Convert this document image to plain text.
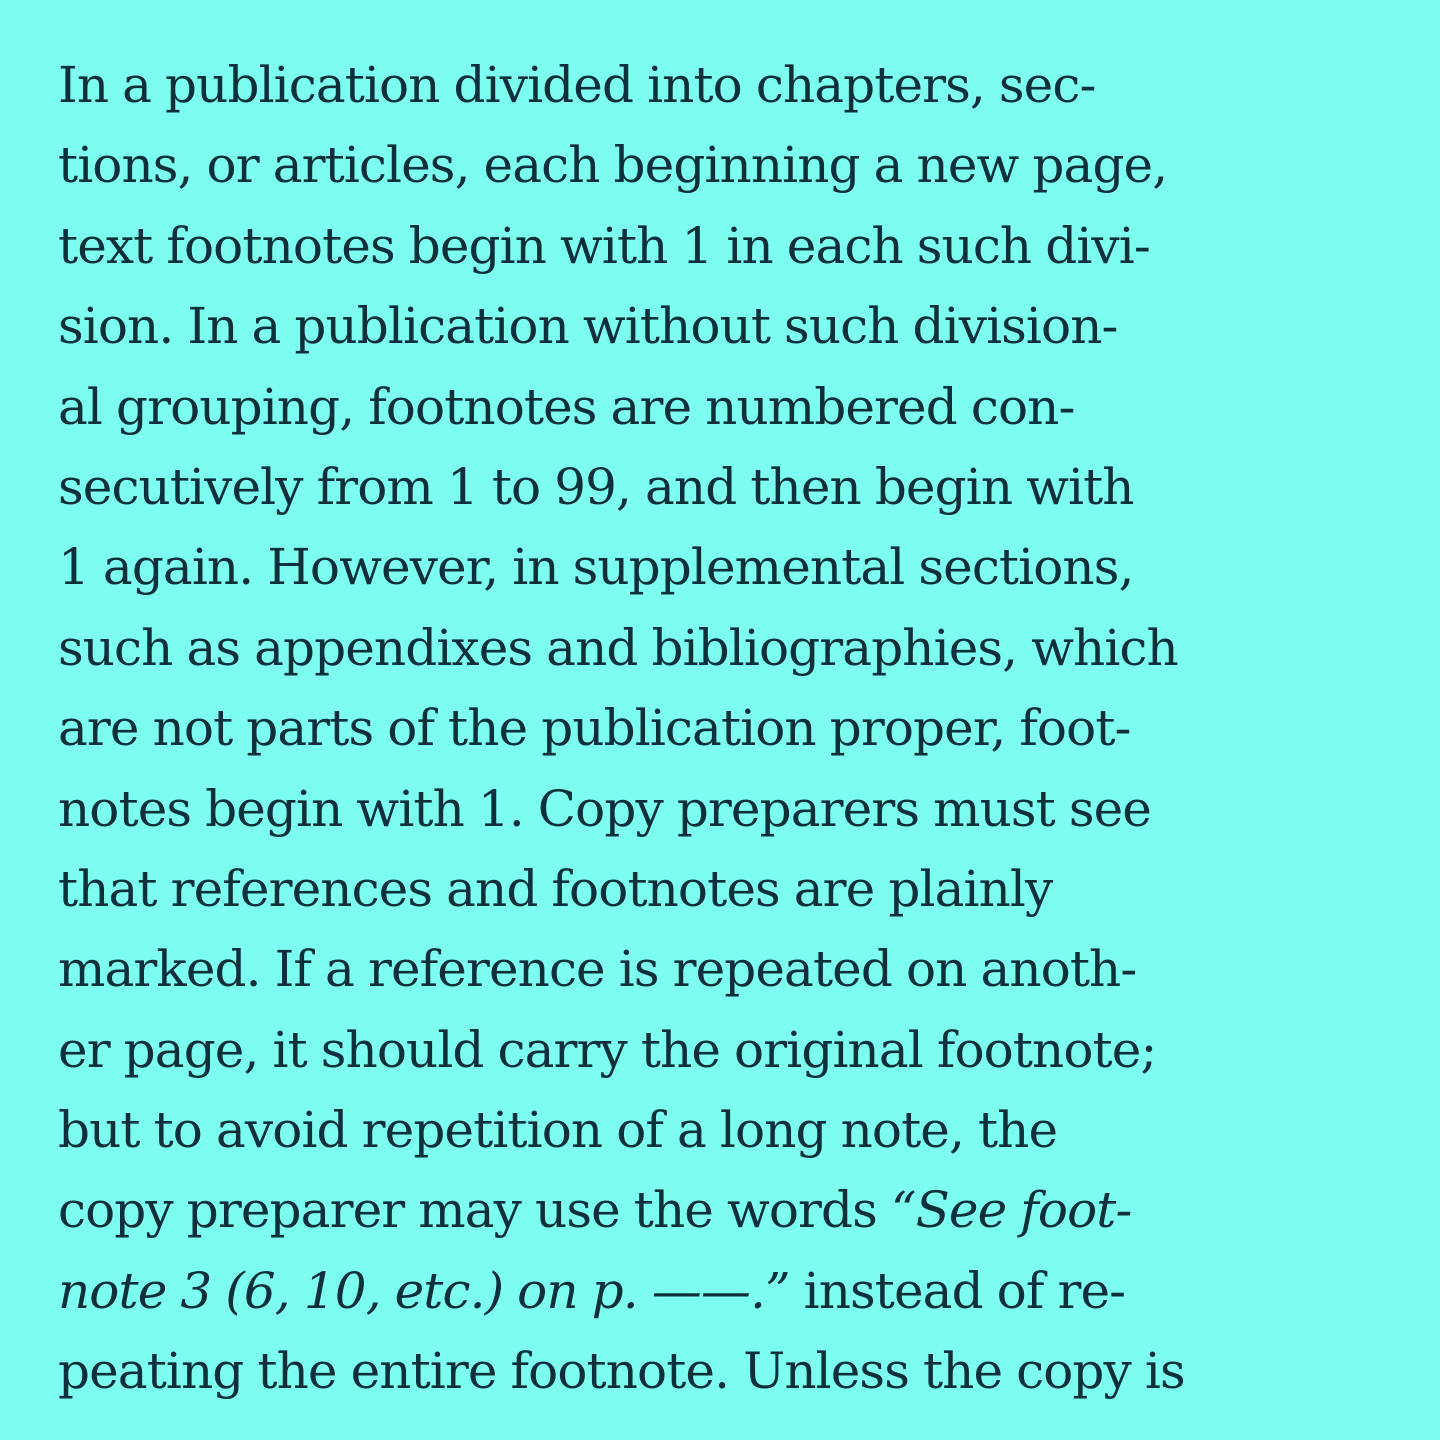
In a publication divided into chapters, sec-
tions, or articles, each beginning a new page,
text footnotes begin with 1 in each such divi-
sion. In a publication without such division-
al grouping, footnotes are numbered con-
secutively from 1 to 99, and then begin with
1 again. However, in supplemental sections,
such as appendixes and bibliographies, which
are not parts of the publication proper, foot-
notes begin with 1. Copy preparers must see
that references and footnotes are plainly
marked. If a reference is repeated on anoth-
er page, it should carry the original footnote;
but to avoid repetition of a long note, the
copy preparer may use the words “See foot-
note 3 (6, 10, etc.) on p. ——.” instead of re-
peating the entire footnote. Unless the copy is
